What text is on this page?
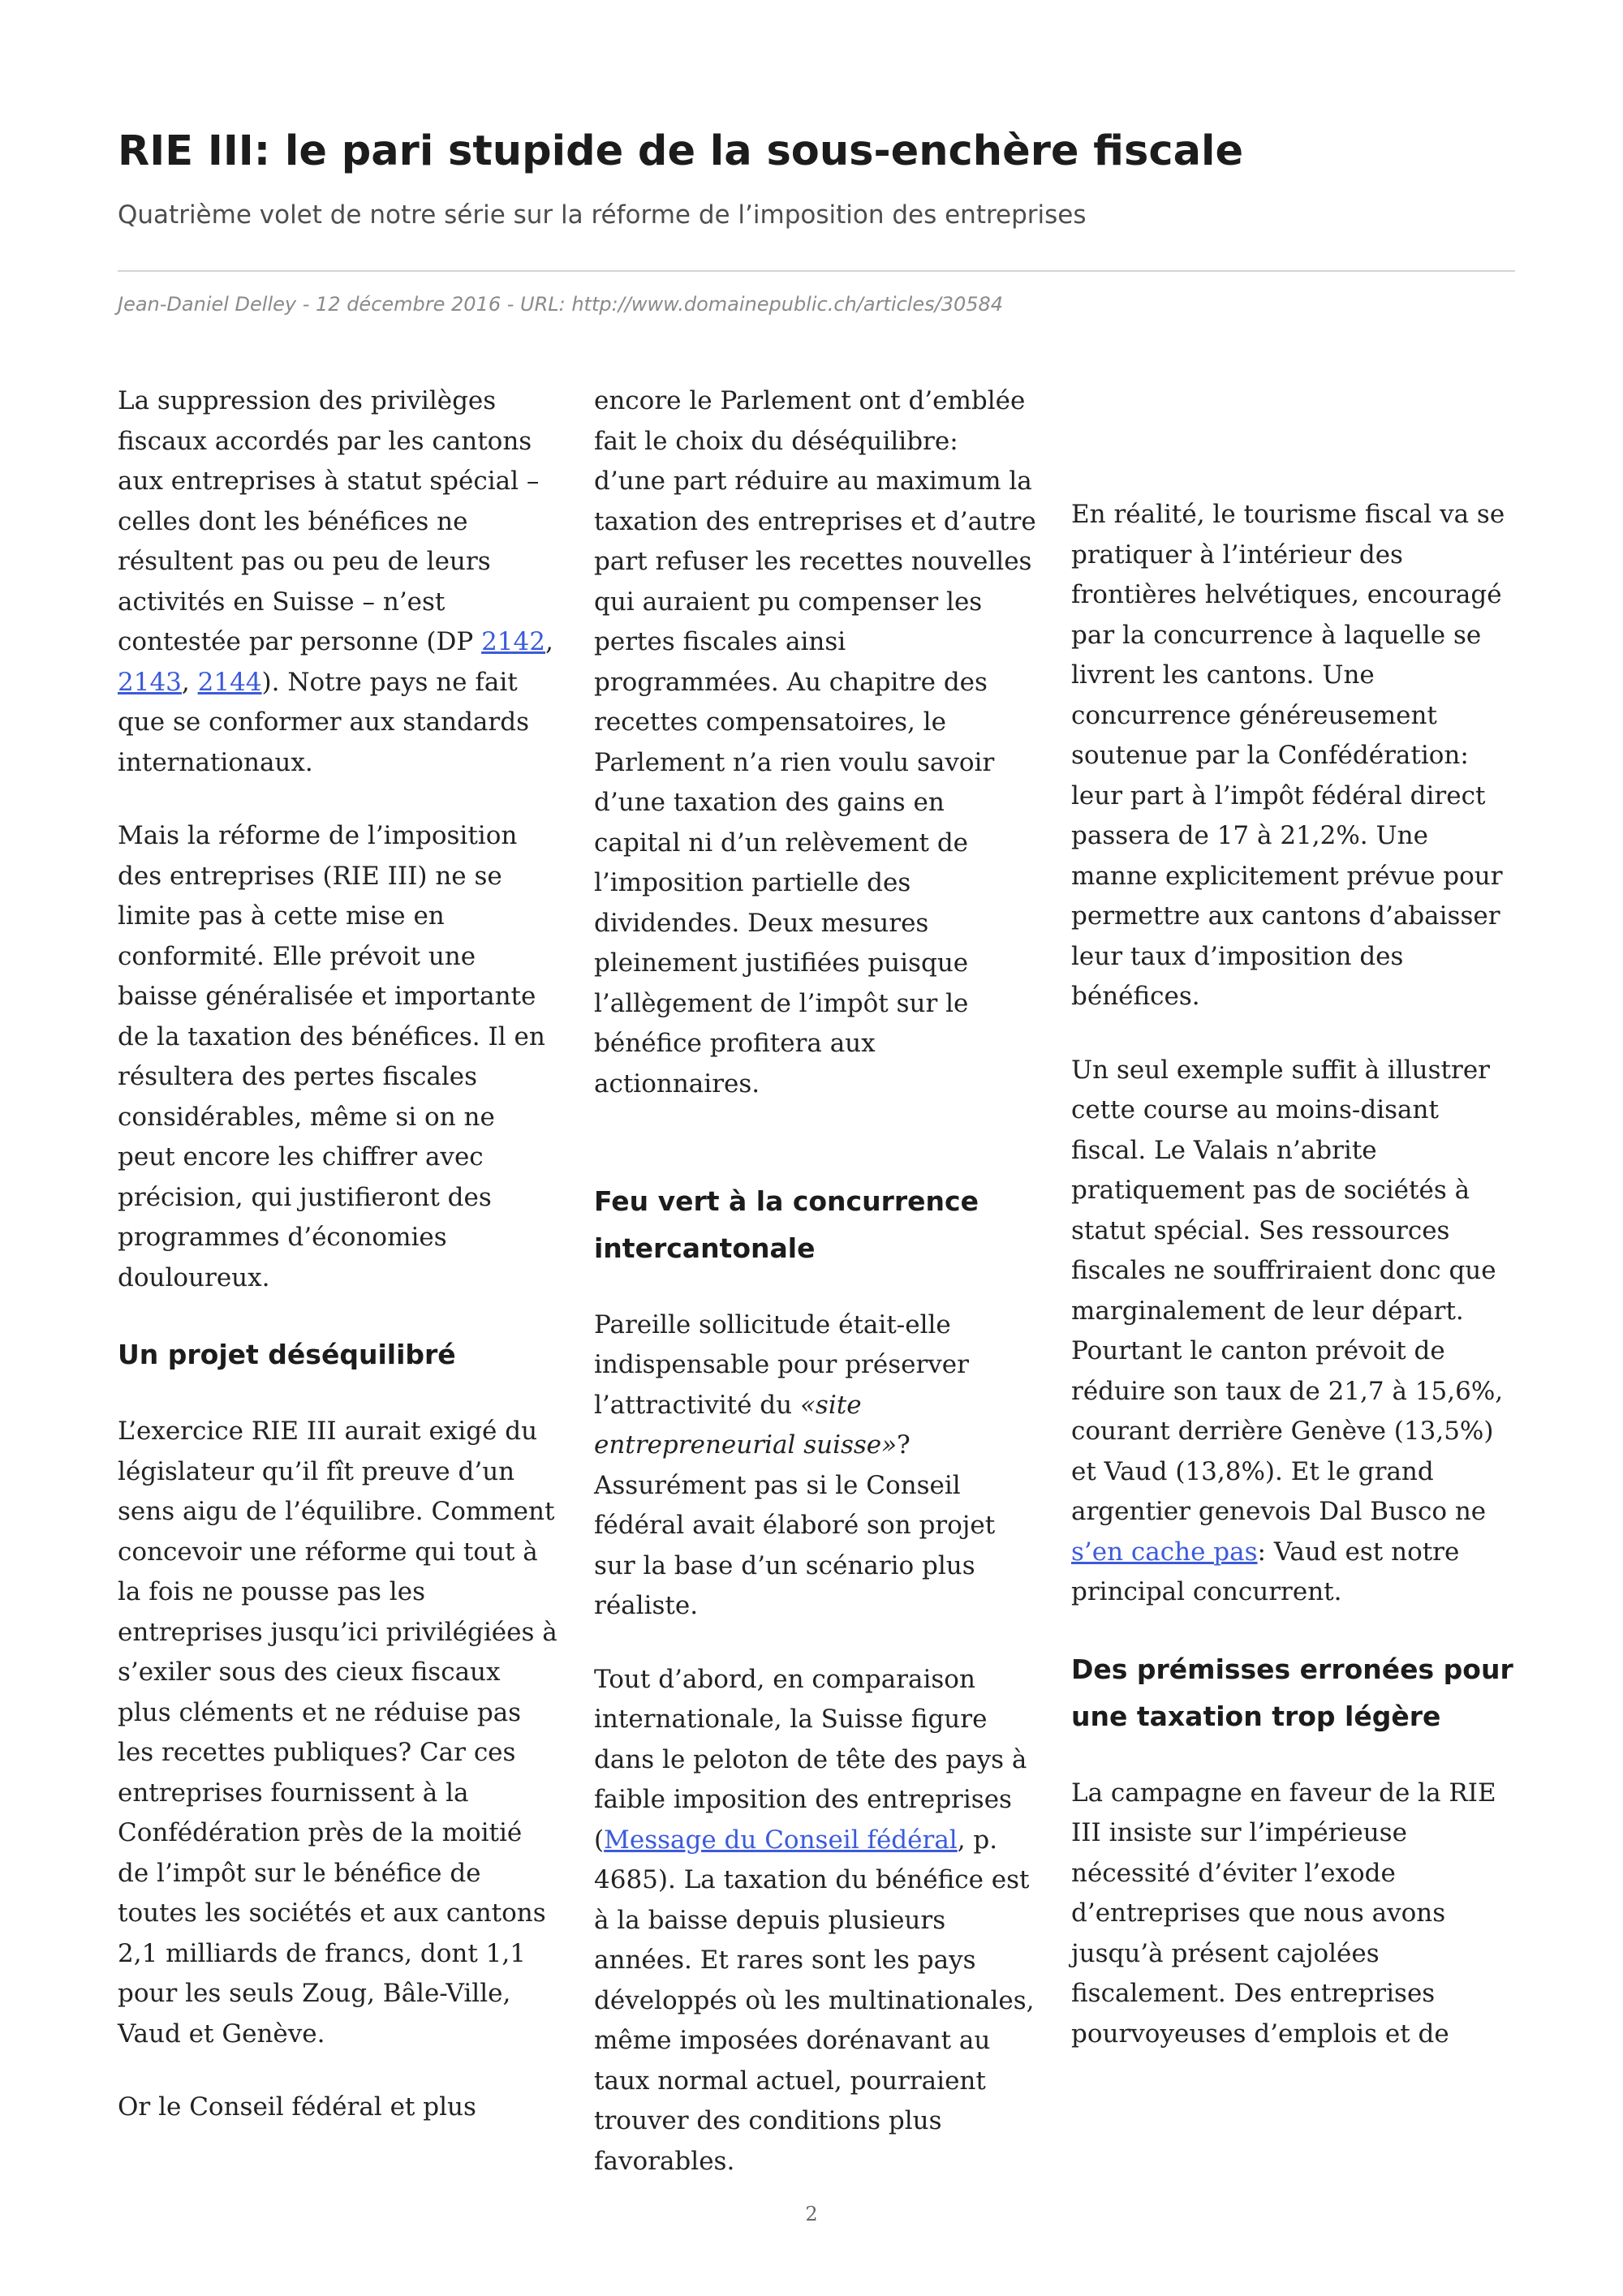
RIE III: le pari stupide de la sous-enchère fiscale
Quatrième volet de notre série sur la réforme de l’imposition des entreprises
Jean-Daniel Delley - 12 décembre 2016 - URL: http://www.domainepublic.ch/articles/30584

La suppression des privilèges fiscaux accordés par les cantons aux entreprises à statut spécial – celles dont les bénéfices ne résultent pas ou peu de leurs activités en Suisse – n’est contestée par personne (DP 2142, 2143, 2144). Notre pays ne fait que se conformer aux standards internationaux.

Mais la réforme de l’imposition des entreprises (RIE III) ne se limite pas à cette mise en conformité. Elle prévoit une baisse généralisée et importante de la taxation des bénéfices. Il en résultera des pertes fiscales considérables, même si on ne peut encore les chiffrer avec précision, qui justifieront des programmes d’économies douloureux.

Un projet déséquilibré

L’exercice RIE III aurait exigé du législateur qu’il fît preuve d’un sens aigu de l’équilibre. Comment concevoir une réforme qui tout à la fois ne pousse pas les entreprises jusqu’ici privilégiées à s’exiler sous des cieux fiscaux plus cléments et ne réduise pas les recettes publiques? Car ces entreprises fournissent à la Confédération près de la moitié de l’impôt sur le bénéfice de toutes les sociétés et aux cantons 2,1 milliards de francs, dont 1,1 pour les seuls Zoug, Bâle-Ville, Vaud et Genève.

Or le Conseil fédéral et plus

encore le Parlement ont d’emblée fait le choix du déséquilibre: d’une part réduire au maximum la taxation des entreprises et d’autre part refuser les recettes nouvelles qui auraient pu compenser les pertes fiscales ainsi programmées. Au chapitre des recettes compensatoires, le Parlement n’a rien voulu savoir d’une taxation des gains en capital ni d’un relèvement de l’imposition partielle des dividendes. Deux mesures pleinement justifiées puisque l’allègement de l’impôt sur le bénéfice profitera aux actionnaires.

Feu vert à la concurrence intercantonale

Pareille sollicitude était-elle indispensable pour préserver l’attractivité du «site entrepreneurial suisse»? Assurément pas si le Conseil fédéral avait élaboré son projet sur la base d’un scénario plus réaliste.

Tout d’abord, en comparaison internationale, la Suisse figure dans le peloton de tête des pays à faible imposition des entreprises (Message du Conseil fédéral, p. 4685). La taxation du bénéfice est à la baisse depuis plusieurs années. Et rares sont les pays développés où les multinationales, même imposées dorénavant au taux normal actuel, pourraient trouver des conditions plus favorables.

En réalité, le tourisme fiscal va se pratiquer à l’intérieur des frontières helvétiques, encouragé par la concurrence à laquelle se livrent les cantons. Une concurrence généreusement soutenue par la Confédération: leur part à l’impôt fédéral direct passera de 17 à 21,2%. Une manne explicitement prévue pour permettre aux cantons d’abaisser leur taux d’imposition des bénéfices.

Un seul exemple suffit à illustrer cette course au moins-disant fiscal. Le Valais n’abrite pratiquement pas de sociétés à statut spécial. Ses ressources fiscales ne souffriraient donc que marginalement de leur départ. Pourtant le canton prévoit de réduire son taux de 21,7 à 15,6%, courant derrière Genève (13,5%) et Vaud (13,8%). Et le grand argentier genevois Dal Busco ne s’en cache pas: Vaud est notre principal concurrent.

Des prémisses erronées pour une taxation trop légère

La campagne en faveur de la RIE III insiste sur l’impérieuse nécessité d’éviter l’exode d’entreprises que nous avons jusqu’à présent cajolées fiscalement. Des entreprises pourvoyeuses d’emplois et de

2
